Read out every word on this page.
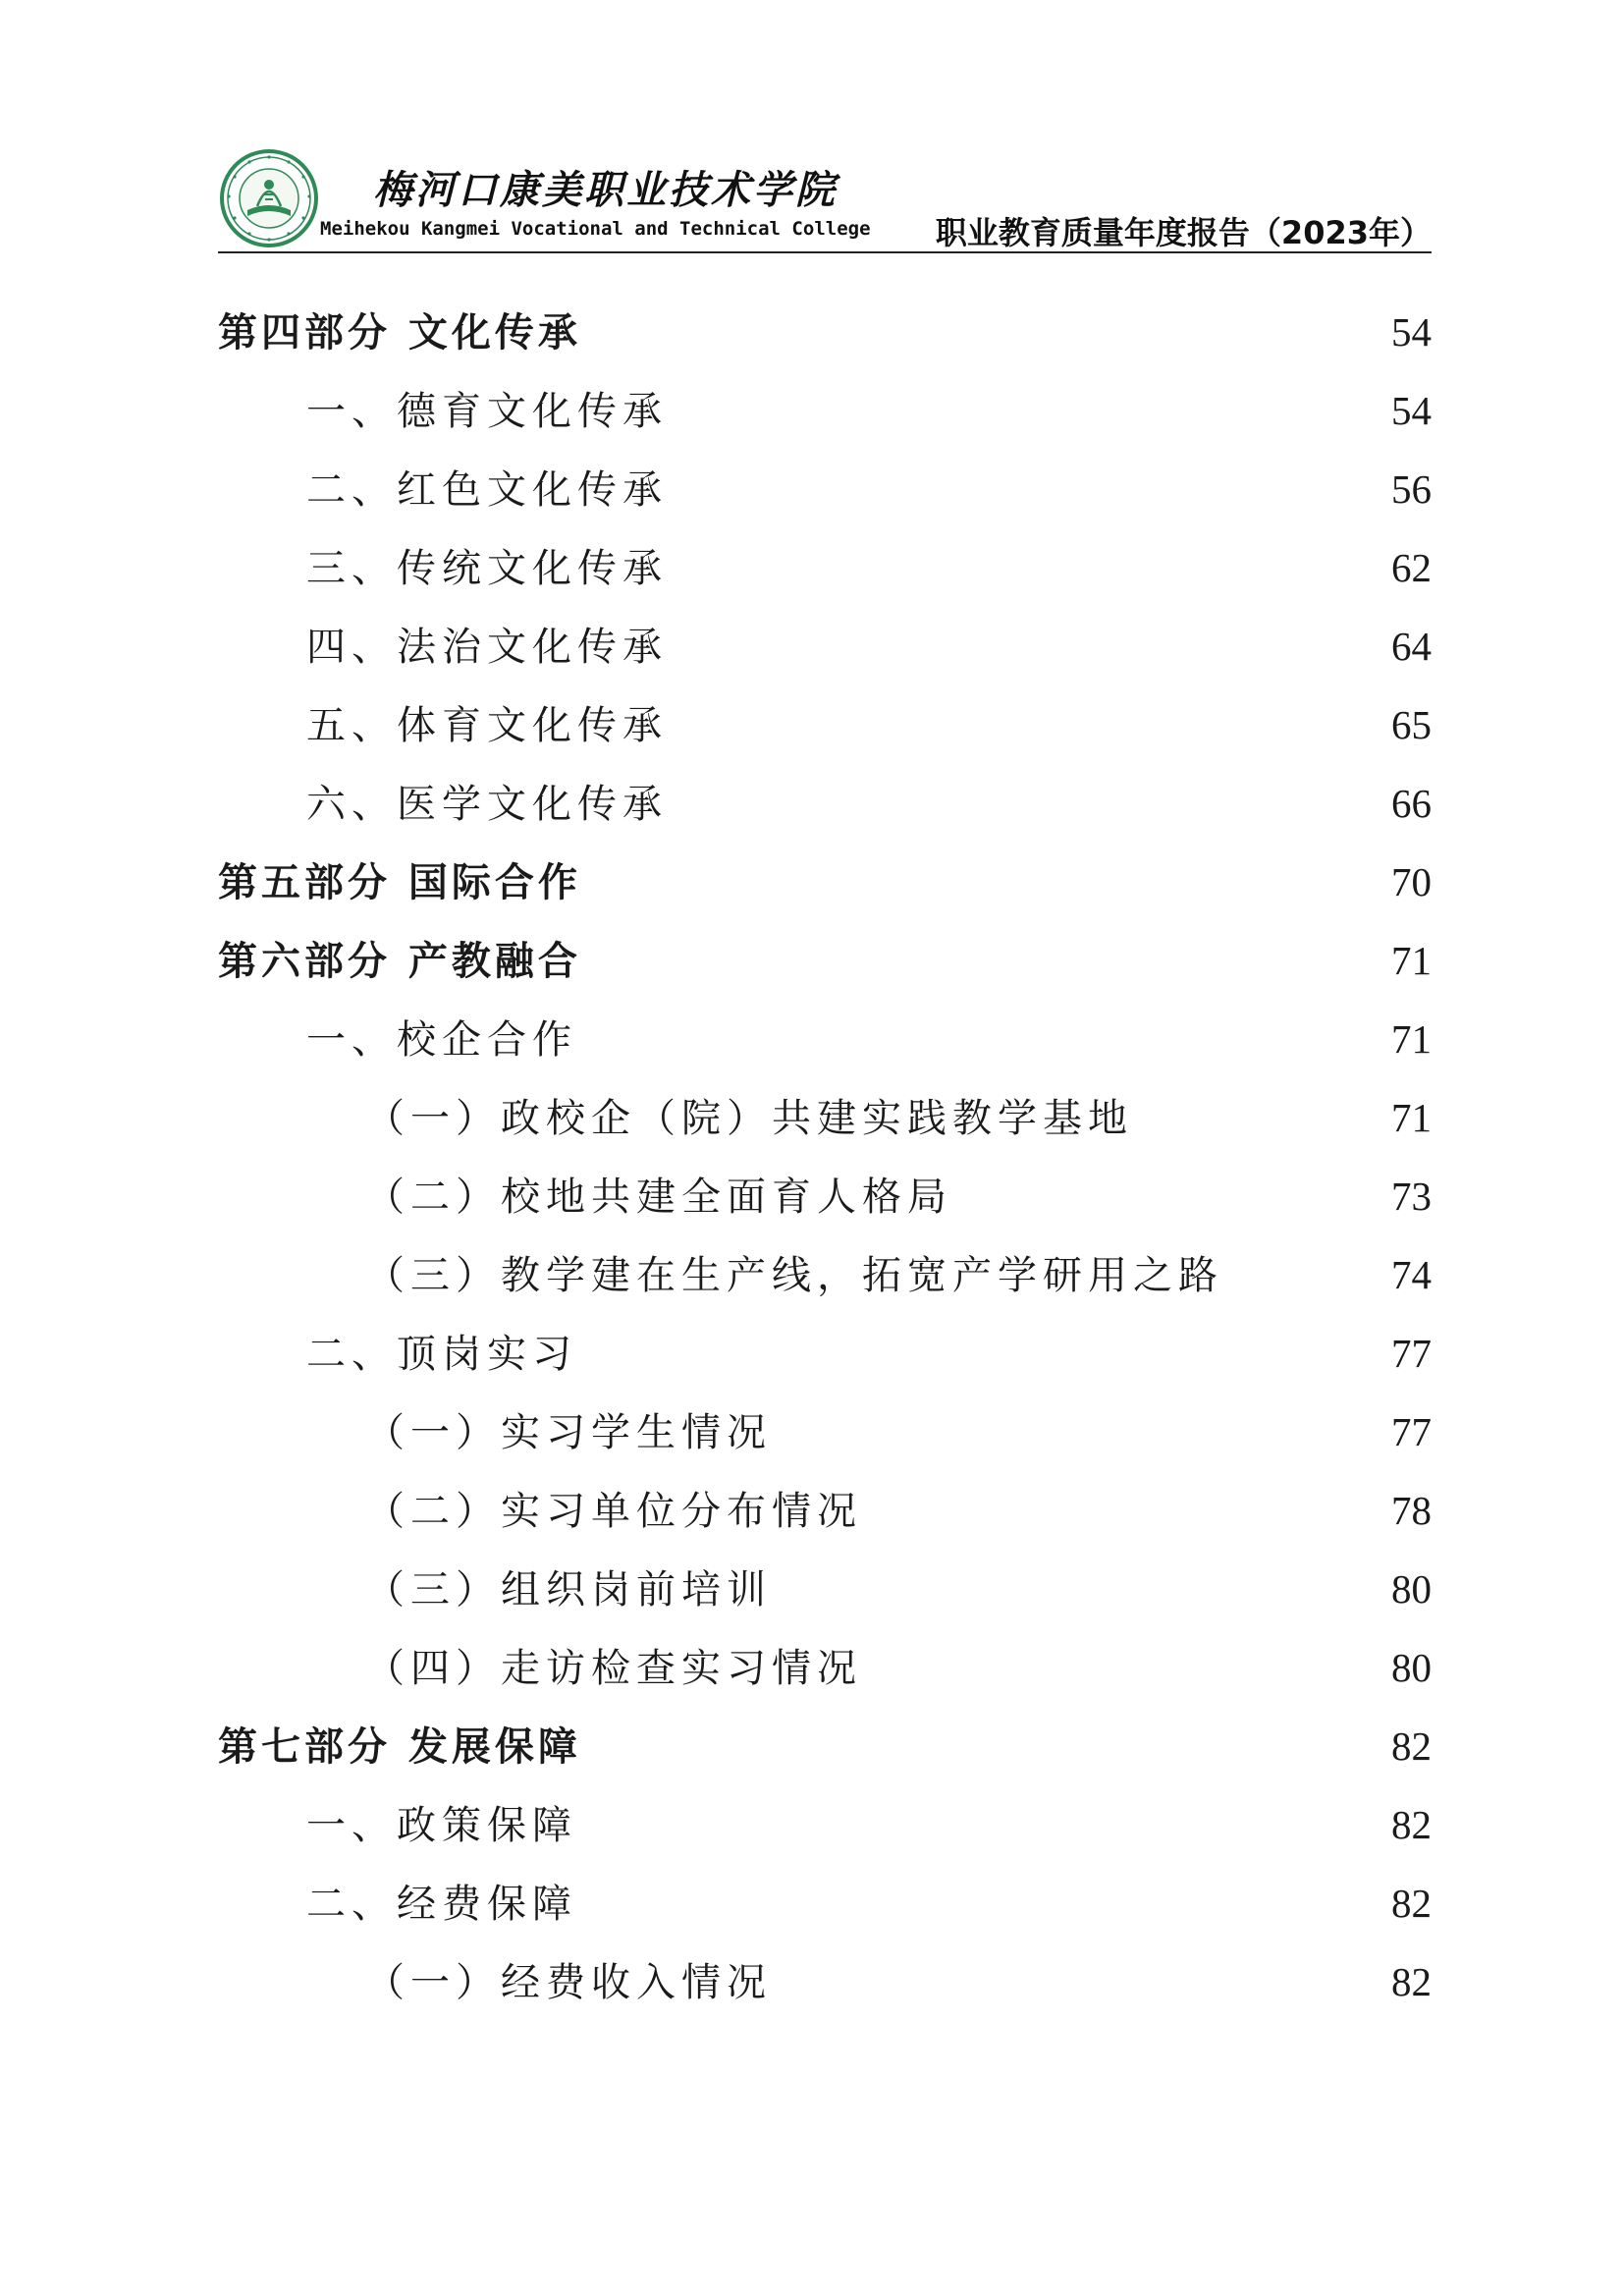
梅河口康美职业技术学院
Meihekou Kangmei Vocational and Technical College 职业教育质量年度报告（2023年）
第四部分 文化传承	54
一、德育文化传承	54
二、红色文化传承	56
三、传统文化传承	62
四、法治文化传承	64
五、体育文化传承	65
六、医学文化传承	66
第五部分 国际合作	70
第六部分 产教融合	71
一、校企合作	71
（一）政校企（院）共建实践教学基地	71
（二）校地共建全面育人格局	73
（三）教学建在生产线，拓宽产学研用之路	74
二、顶岗实习	77
（一）实习学生情况	77
（二）实习单位分布情况	78
（三）组织岗前培训	80
（四）走访检查实习情况	80
第七部分 发展保障	82
一、政策保障	82
二、经费保障	82
（一）经费收入情况	82
